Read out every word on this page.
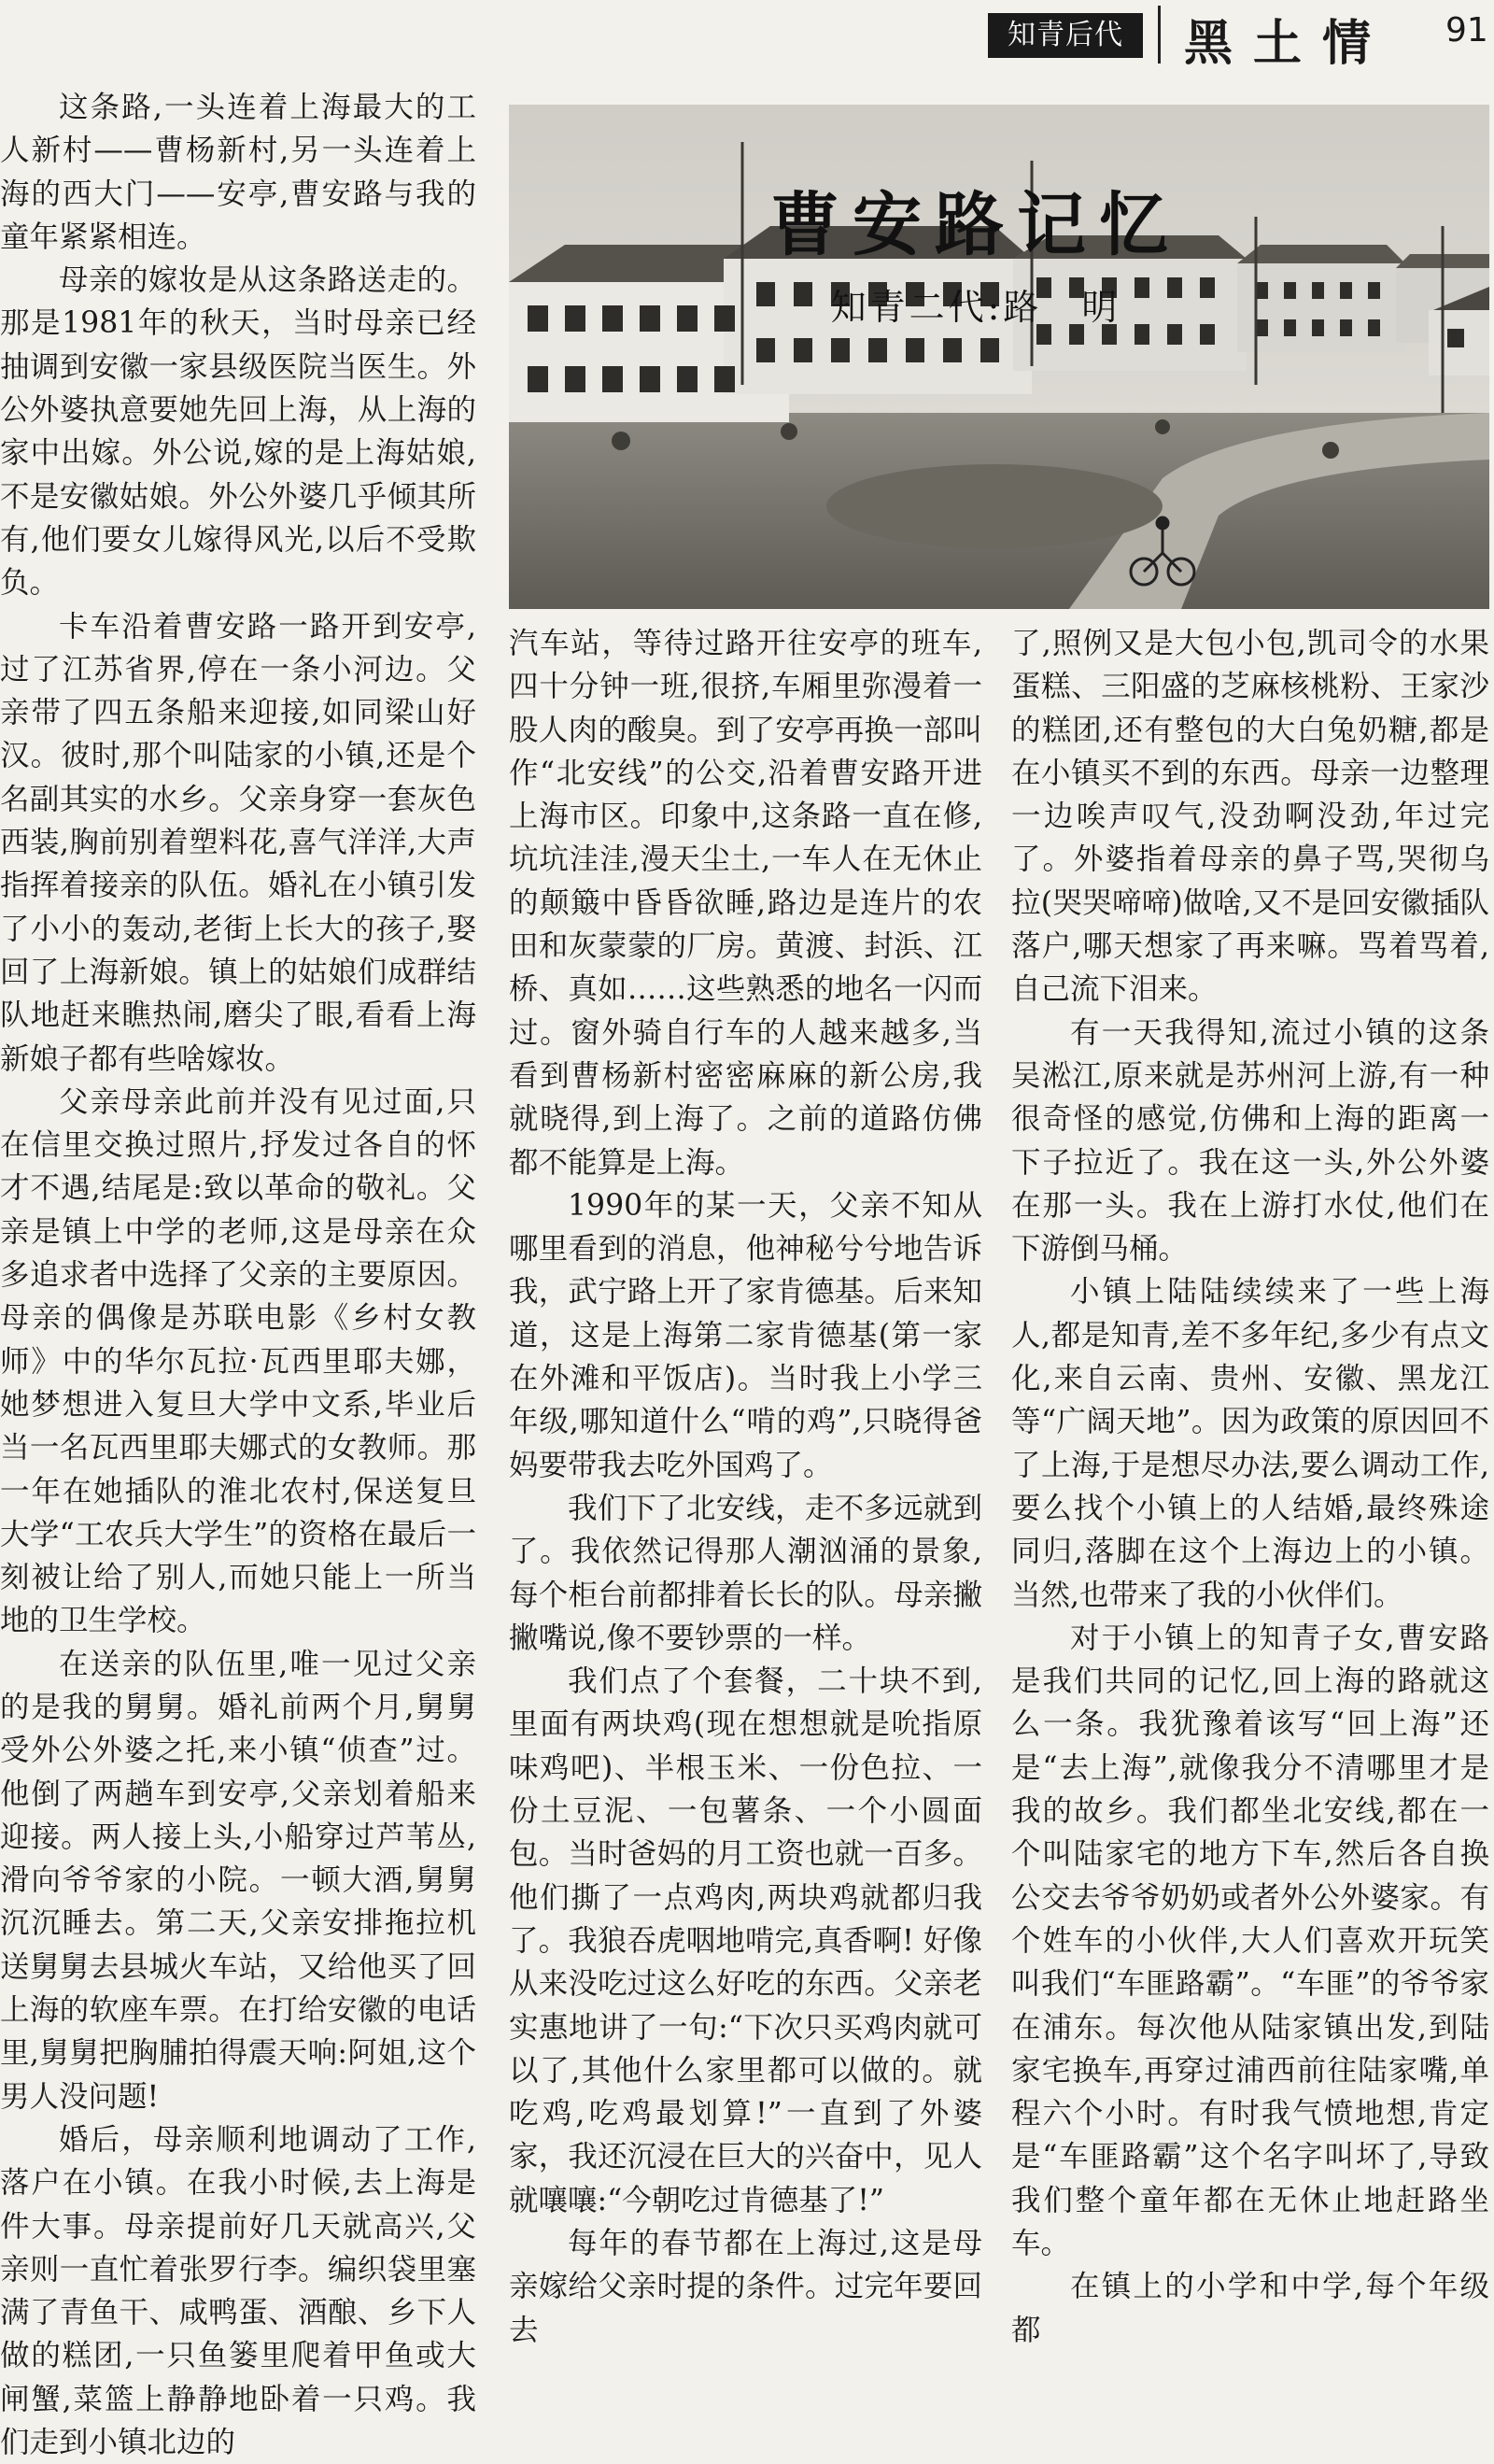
知青后代	黑土情 91

这条路,一头连着上海最大的工人新村——曹杨新村,另一头连着上海的西大门——安亭,曹安路与我的童年紧紧相连。

母亲的嫁妆是从这条路送走的。那是1981年的秋天，当时母亲已经抽调到安徽一家县级医院当医生。外公外婆执意要她先回上海，从上海的家中出嫁。外公说,嫁的是上海姑娘,不是安徽姑娘。外公外婆几乎倾其所有,他们要女儿嫁得风光,以后不受欺负。

卡车沿着曹安路一路开到安亭,过了江苏省界,停在一条小河边。父亲带了四五条船来迎接,如同梁山好汉。彼时,那个叫陆家的小镇,还是个名副其实的水乡。父亲身穿一套灰色西装,胸前别着塑料花,喜气洋洋,大声指挥着接亲的队伍。婚礼在小镇引发了小小的轰动,老街上长大的孩子,娶回了上海新娘。镇上的姑娘们成群结队地赶来瞧热闹,磨尖了眼,看看上海新娘子都有些啥嫁妆。

父亲母亲此前并没有见过面,只在信里交换过照片,抒发过各自的怀才不遇,结尾是:致以革命的敬礼。父亲是镇上中学的老师,这是母亲在众多追求者中选择了父亲的主要原因。母亲的偶像是苏联电影《乡村女教师》中的华尔瓦拉·瓦西里耶夫娜，她梦想进入复旦大学中文系,毕业后当一名瓦西里耶夫娜式的女教师。那一年在她插队的淮北农村,保送复旦大学“工农兵大学生”的资格在最后一刻被让给了别人,而她只能上一所当地的卫生学校。

在送亲的队伍里,唯一见过父亲的是我的舅舅。婚礼前两个月,舅舅受外公外婆之托,来小镇“侦查”过。他倒了两趟车到安亭,父亲划着船来迎接。两人接上头,小船穿过芦苇丛,滑向爷爷家的小院。一顿大酒,舅舅沉沉睡去。第二天,父亲安排拖拉机送舅舅去县城火车站，又给他买了回上海的软座车票。在打给安徽的电话里,舅舅把胸脯拍得震天响:阿姐,这个男人没问题!

婚后，母亲顺利地调动了工作,落户在小镇。在我小时候,去上海是件大事。母亲提前好几天就高兴,父亲则一直忙着张罗行李。编织袋里塞满了青鱼干、咸鸭蛋、酒酿、乡下人做的糕团,一只鱼篓里爬着甲鱼或大闸蟹,菜篮上静静地卧着一只鸡。我们走到小镇北边的

曹安路记忆
知青二代:路　明

汽车站，等待过路开往安亭的班车,四十分钟一班,很挤,车厢里弥漫着一股人肉的酸臭。到了安亭再换一部叫作“北安线”的公交,沿着曹安路开进上海市区。印象中,这条路一直在修,坑坑洼洼,漫天尘土,一车人在无休止的颠簸中昏昏欲睡,路边是连片的农田和灰蒙蒙的厂房。黄渡、封浜、江桥、真如……这些熟悉的地名一闪而过。窗外骑自行车的人越来越多,当看到曹杨新村密密麻麻的新公房,我就晓得,到上海了。之前的道路仿佛都不能算是上海。

1990年的某一天，父亲不知从哪里看到的消息，他神秘兮兮地告诉我，武宁路上开了家肯德基。后来知道，这是上海第二家肯德基(第一家在外滩和平饭店)。当时我上小学三年级,哪知道什么“啃的鸡”,只晓得爸妈要带我去吃外国鸡了。

我们下了北安线，走不多远就到了。我依然记得那人潮汹涌的景象,每个柜台前都排着长长的队。母亲撇撇嘴说,像不要钞票的一样。

我们点了个套餐，二十块不到,里面有两块鸡(现在想想就是吮指原味鸡吧)、半根玉米、一份色拉、一份土豆泥、一包薯条、一个小圆面包。当时爸妈的月工资也就一百多。他们撕了一点鸡肉,两块鸡就都归我了。我狼吞虎咽地啃完,真香啊! 好像从来没吃过这么好吃的东西。父亲老实惠地讲了一句:“下次只买鸡肉就可以了,其他什么家里都可以做的。就吃鸡,吃鸡最划算!”一直到了外婆家，我还沉浸在巨大的兴奋中，见人就嚷嚷:“今朝吃过肯德基了!”

每年的春节都在上海过,这是母亲嫁给父亲时提的条件。过完年要回去

了,照例又是大包小包,凯司令的水果蛋糕、三阳盛的芝麻核桃粉、王家沙的糕团,还有整包的大白兔奶糖,都是在小镇买不到的东西。母亲一边整理一边唉声叹气,没劲啊没劲,年过完了。外婆指着母亲的鼻子骂,哭彻乌拉(哭哭啼啼)做啥,又不是回安徽插队落户,哪天想家了再来嘛。骂着骂着,自己流下泪来。

有一天我得知,流过小镇的这条吴淞江,原来就是苏州河上游,有一种很奇怪的感觉,仿佛和上海的距离一下子拉近了。我在这一头,外公外婆在那一头。我在上游打水仗,他们在下游倒马桶。

小镇上陆陆续续来了一些上海人,都是知青,差不多年纪,多少有点文化,来自云南、贵州、安徽、黑龙江等“广阔天地”。因为政策的原因回不了上海,于是想尽办法,要么调动工作,要么找个小镇上的人结婚,最终殊途同归,落脚在这个上海边上的小镇。当然,也带来了我的小伙伴们。

对于小镇上的知青子女,曹安路是我们共同的记忆,回上海的路就这么一条。我犹豫着该写“回上海”还是“去上海”,就像我分不清哪里才是我的故乡。我们都坐北安线,都在一个叫陆家宅的地方下车,然后各自换公交去爷爷奶奶或者外公外婆家。有个姓车的小伙伴,大人们喜欢开玩笑叫我们“车匪路霸”。“车匪”的爷爷家在浦东。每次他从陆家镇出发,到陆家宅换车,再穿过浦西前往陆家嘴,单程六个小时。有时我气愤地想,肯定是“车匪路霸”这个名字叫坏了,导致我们整个童年都在无休止地赶路坐车。

在镇上的小学和中学,每个年级都
